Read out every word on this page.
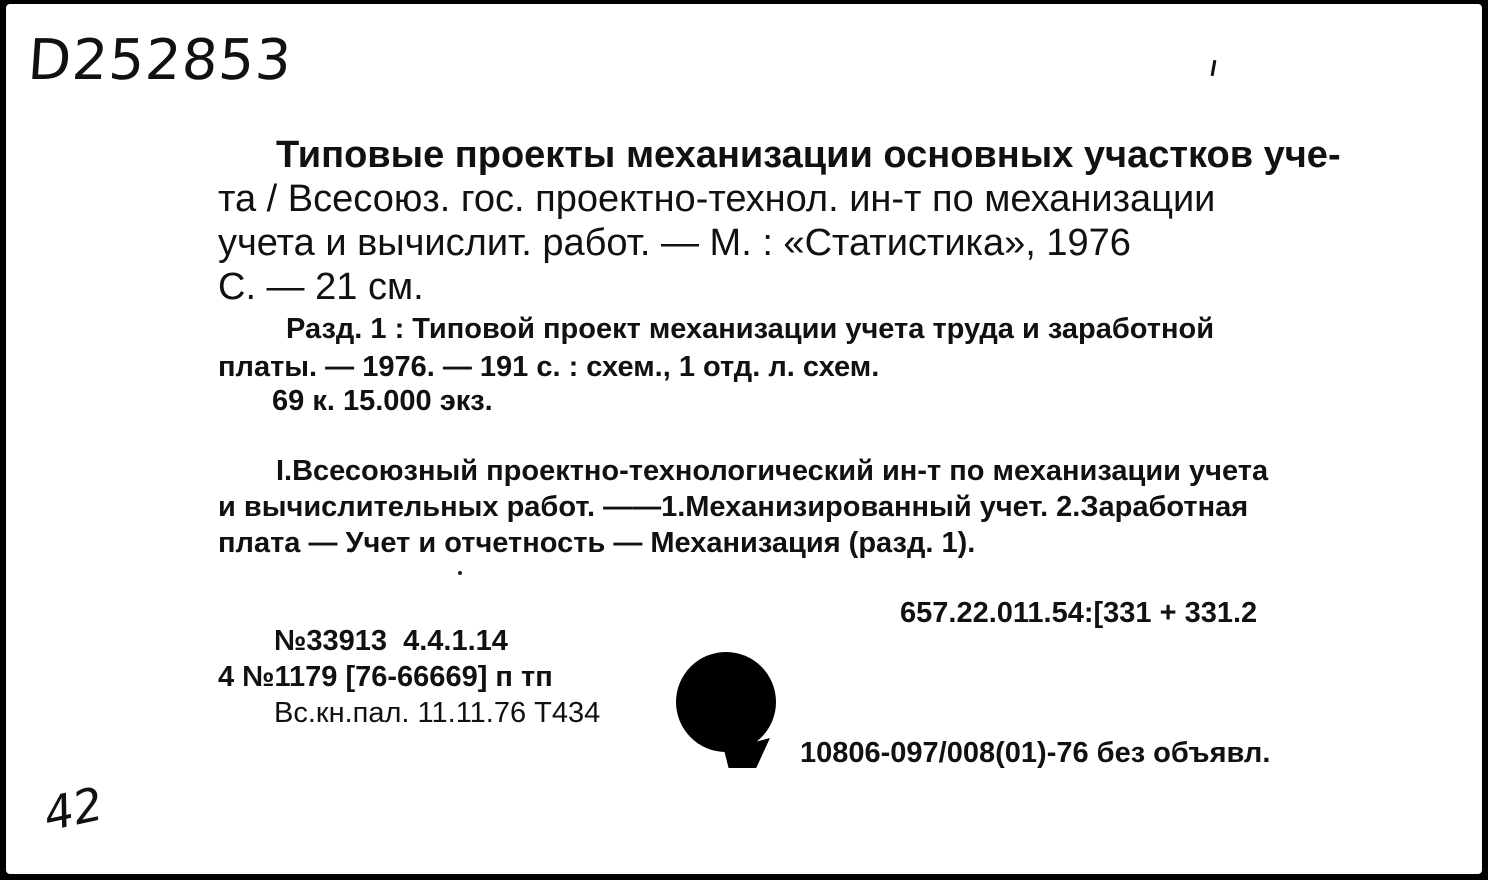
D252853

Типовые проекты механизации основных участков уче-

та / Всесоюз. гос. проектно-технол. ин-т по механизации

учета и вычислит. работ. — М. : «Статистика», 1976

С. — 21 см.

Разд. 1 : Типовой проект механизации учета труда и заработной

платы. — 1976. — 191 с. : схем., 1 отд. л. схем.

69 к. 15.000 экз.

I.Всесоюзный проектно-технологический ин-т по механизации учета

и вычислительных работ. ——1.Механизированный учет. 2.Заработная

плата — Учет и отчетность — Механизация (разд. 1).

657.22.011.54:[331 + 331.2

№33913  4.4.1.14

4 №1179 [76-66669] п тп

Вс.кн.пал. 11.11.76 Т434

10806-097/008(01)-76 без объявл.

42
